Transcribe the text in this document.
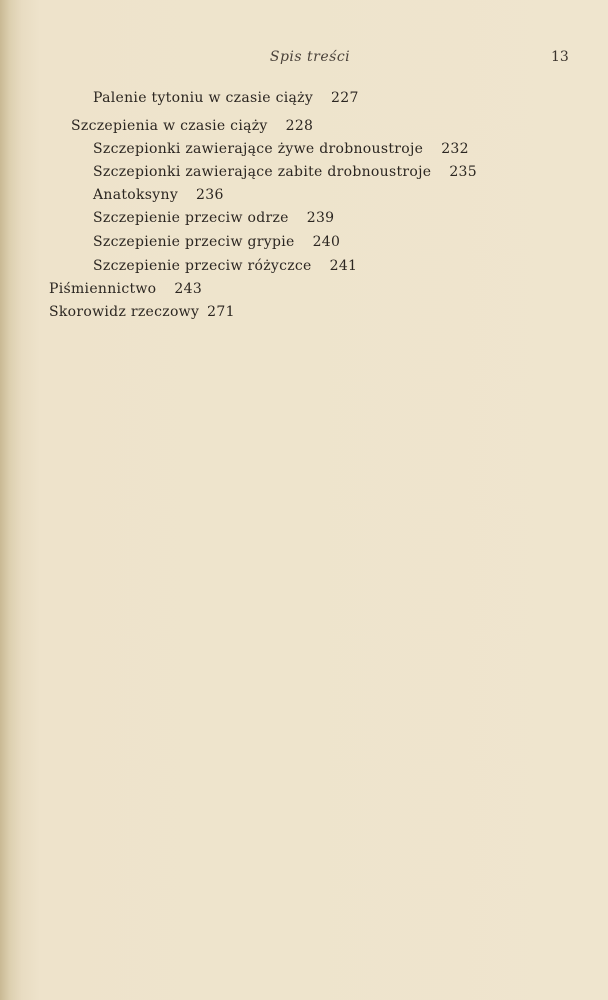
Spis treści	13
Palenie tytoniu w czasie ciąży 227
Szczepienia w czasie ciąży 228
Szczepionki zawierające żywe drobnoustroje 232
Szczepionki zawierające zabite drobnoustroje 235
Anatoksyny 236
Szczepienie przeciw odrze 239
Szczepienie przeciw grypie 240
Szczepienie przeciw różyczce 241
Piśmiennictwo 243
Skorowidz rzeczowy 271
